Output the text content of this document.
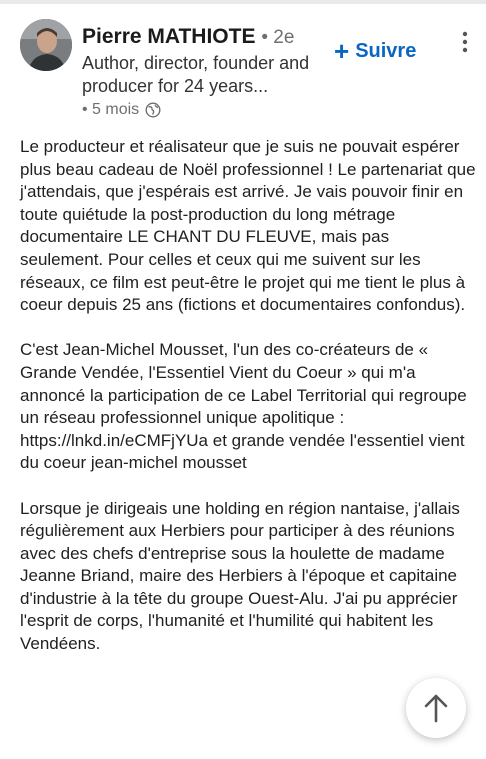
Pierre MATHIOTE • 2e
Author, director, founder and producer for 24 years...
• 5 mois
+ Suivre

Le producteur et réalisateur que je suis ne pouvait espérer plus beau cadeau de Noël professionnel ! Le partenariat que j'attendais, que j'espérais est arrivé. Je vais pouvoir finir en toute quiétude la post-production du long métrage documentaire LE CHANT DU FLEUVE, mais pas seulement. Pour celles et ceux qui me suivent sur les réseaux, ce film est peut-être le projet qui me tient le plus à coeur depuis 25 ans (fictions et documentaires confondus).

C'est Jean-Michel Mousset, l'un des co-créateurs de « Grande Vendée, l'Essentiel Vient du Coeur » qui m'a annoncé la participation de ce Label Territorial qui regroupe un réseau professionnel unique apolitique : https://lnkd.in/eCMFjYUa et grande vendée l'essentiel vient du coeur jean-michel mousset

Lorsque je dirigeais une holding en région nantaise, j'allais régulièrement aux Herbiers pour participer à des réunions avec des chefs d'entreprise sous la houlette de madame Jeanne Briand, maire des Herbiers à l'époque et capitaine d'industrie à la tête du groupe Ouest-Alu. J'ai pu apprécier l'esprit de corps, l'humanité et l'humilité qui habitent les Vendéens.
